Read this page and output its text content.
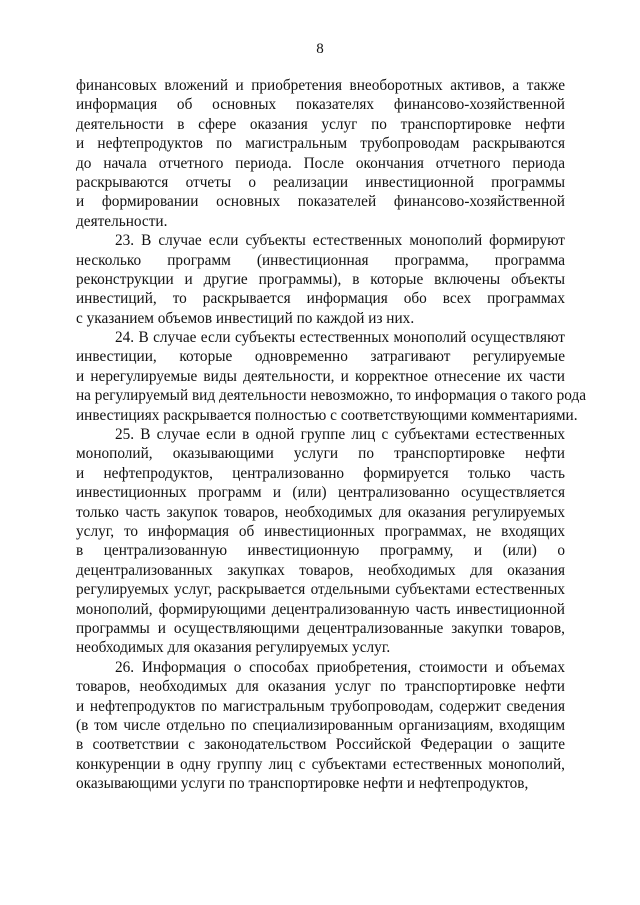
8
финансовых вложений и приобретения внеоборотных активов, а также
информация об основных показателях финансово-хозяйственной
деятельности в сфере оказания услуг по транспортировке нефти
и нефтепродуктов по магистральным трубопроводам раскрываются
до начала отчетного периода. После окончания отчетного периода
раскрываются отчеты о реализации инвестиционной программы
и формировании основных показателей финансово-хозяйственной
деятельности.
23. В случае если субъекты естественных монополий формируют
несколько программ (инвестиционная программа, программа
реконструкции и другие программы), в которые включены объекты
инвестиций, то раскрывается информация обо всех программах
с указанием объемов инвестиций по каждой из них.
24. В случае если субъекты естественных монополий осуществляют
инвестиции, которые одновременно затрагивают регулируемые
и нерегулируемые виды деятельности, и корректное отнесение их части
на регулируемый вид деятельности невозможно, то информация о такого рода
инвестициях раскрывается полностью с соответствующими комментариями.
25. В случае если в одной группе лиц с субъектами естественных
монополий, оказывающими услуги по транспортировке нефти
и нефтепродуктов, централизованно формируется только часть
инвестиционных программ и (или) централизованно осуществляется
только часть закупок товаров, необходимых для оказания регулируемых
услуг, то информация об инвестиционных программах, не входящих
в централизованную инвестиционную программу, и (или) о
децентрализованных закупках товаров, необходимых для оказания
регулируемых услуг, раскрывается отдельными субъектами естественных
монополий, формирующими децентрализованную часть инвестиционной
программы и осуществляющими децентрализованные закупки товаров,
необходимых для оказания регулируемых услуг.
26. Информация о способах приобретения, стоимости и объемах
товаров, необходимых для оказания услуг по транспортировке нефти
и нефтепродуктов по магистральным трубопроводам, содержит сведения
(в том числе отдельно по специализированным организациям, входящим
в соответствии с законодательством Российской Федерации о защите
конкуренции в одну группу лиц с субъектами естественных монополий,
оказывающими услуги по транспортировке нефти и нефтепродуктов,
